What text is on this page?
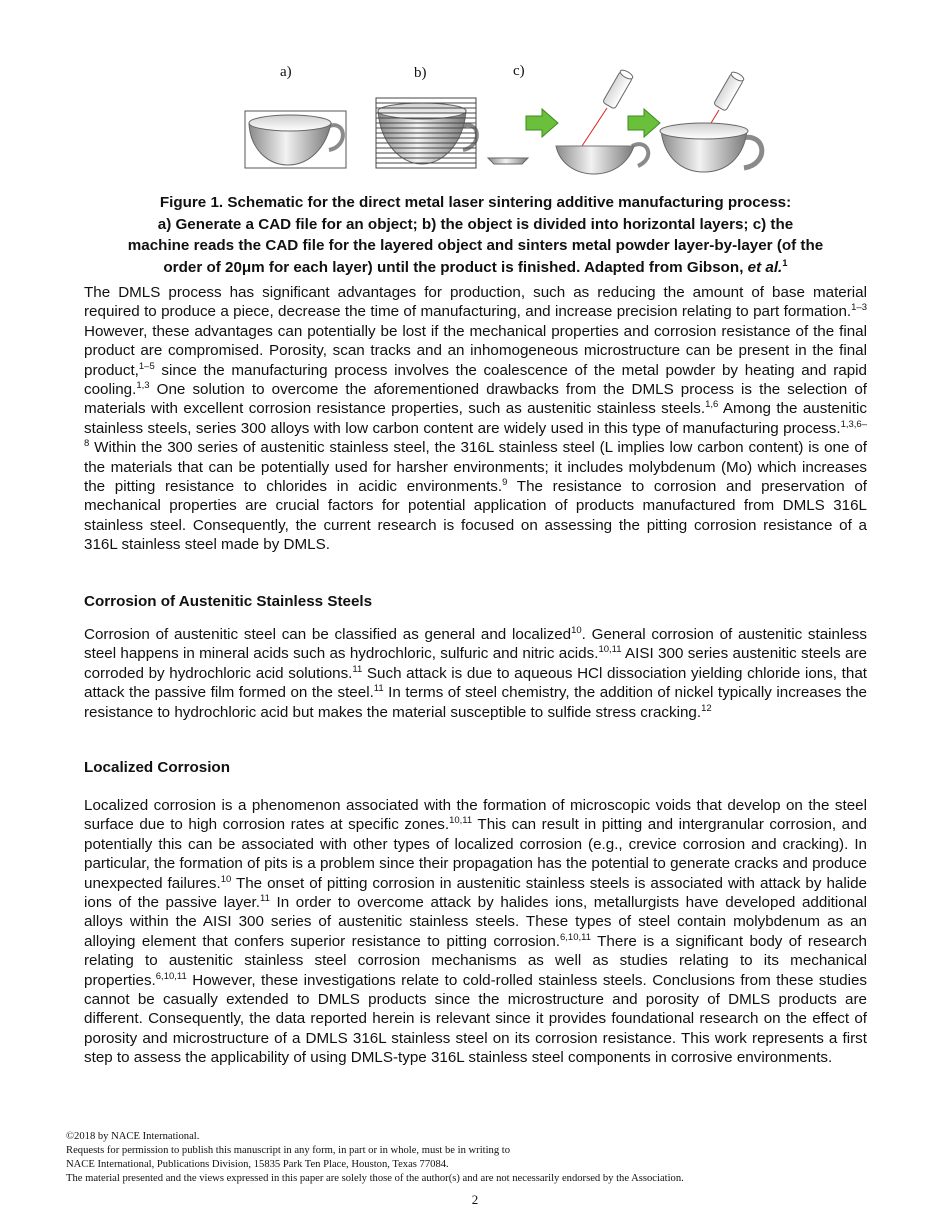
a)	b)	c)

Figure 1. Schematic for the direct metal laser sintering additive manufacturing process:
a) Generate a CAD file for an object; b) the object is divided into horizontal layers; c) the
machine reads the CAD file for the layered object and sinters metal powder layer-by-layer (of the
order of 20μm for each layer) until the product is finished. Adapted from Gibson, et al.$^1$

The DMLS process has significant advantages for production, such as reducing the amount of base material required to produce a piece, decrease the time of manufacturing, and increase precision relating to part formation.$^{1-3}$ However, these advantages can potentially be lost if the mechanical properties and corrosion resistance of the final product are compromised. Porosity, scan tracks and an inhomogeneous microstructure can be present in the final product,$^{1-5}$ since the manufacturing process involves the coalescence of the metal powder by heating and rapid cooling.$^{1,3}$ One solution to overcome the aforementioned drawbacks from the DMLS process is the selection of materials with excellent corrosion resistance properties, such as austenitic stainless steels.$^{1,6}$ Among the austenitic stainless steels, series 300 alloys with low carbon content are widely used in this type of manufacturing process.$^{1,3,6-8}$ Within the 300 series of austenitic stainless steel, the 316L stainless steel (L implies low carbon content) is one of the materials that can be potentially used for harsher environments; it includes molybdenum (Mo) which increases the pitting resistance to chlorides in acidic environments.$^9$ The resistance to corrosion and preservation of mechanical properties are crucial factors for potential application of products manufactured from DMLS 316L stainless steel. Consequently, the current research is focused on assessing the pitting corrosion resistance of a 316L stainless steel made by DMLS.

Corrosion of Austenitic Stainless Steels

Corrosion of austenitic steel can be classified as general and localized$^{10}$. General corrosion of austenitic stainless steel happens in mineral acids such as hydrochloric, sulfuric and nitric acids.$^{10,11}$ AISI 300 series austenitic steels are corroded by hydrochloric acid solutions.$^{11}$ Such attack is due to aqueous HCl dissociation yielding chloride ions, that attack the passive film formed on the steel.$^{11}$ In terms of steel chemistry, the addition of nickel typically increases the resistance to hydrochloric acid but makes the material susceptible to sulfide stress cracking.$^{12}$

Localized Corrosion

Localized corrosion is a phenomenon associated with the formation of microscopic voids that develop on the steel surface due to high corrosion rates at specific zones.$^{10,11}$ This can result in pitting and intergranular corrosion, and potentially this can be associated with other types of localized corrosion (e.g., crevice corrosion and cracking). In particular, the formation of pits is a problem since their propagation has the potential to generate cracks and produce unexpected failures.$^{10}$ The onset of pitting corrosion in austenitic stainless steels is associated with attack by halide ions of the passive layer.$^{11}$ In order to overcome attack by halides ions, metallurgists have developed additional alloys within the AISI 300 series of austenitic stainless steels. These types of steel contain molybdenum as an alloying element that confers superior resistance to pitting corrosion.$^{6,10,11}$ There is a significant body of research relating to austenitic stainless steel corrosion mechanisms as well as studies relating to its mechanical properties.$^{6,10,11}$ However, these investigations relate to cold-rolled stainless steels. Conclusions from these studies cannot be casually extended to DMLS products since the microstructure and porosity of DMLS products are different. Consequently, the data reported herein is relevant since it provides foundational research on the effect of porosity and microstructure of a DMLS 316L stainless steel on its corrosion resistance. This work represents a first step to assess the applicability of using DMLS-type 316L stainless steel components in corrosive environments.

©2018 by NACE International.
Requests for permission to publish this manuscript in any form, in part or in whole, must be in writing to
NACE International, Publications Division, 15835 Park Ten Place, Houston, Texas 77084.
The material presented and the views expressed in this paper are solely those of the author(s) and are not necessarily endorsed by the Association.
2
